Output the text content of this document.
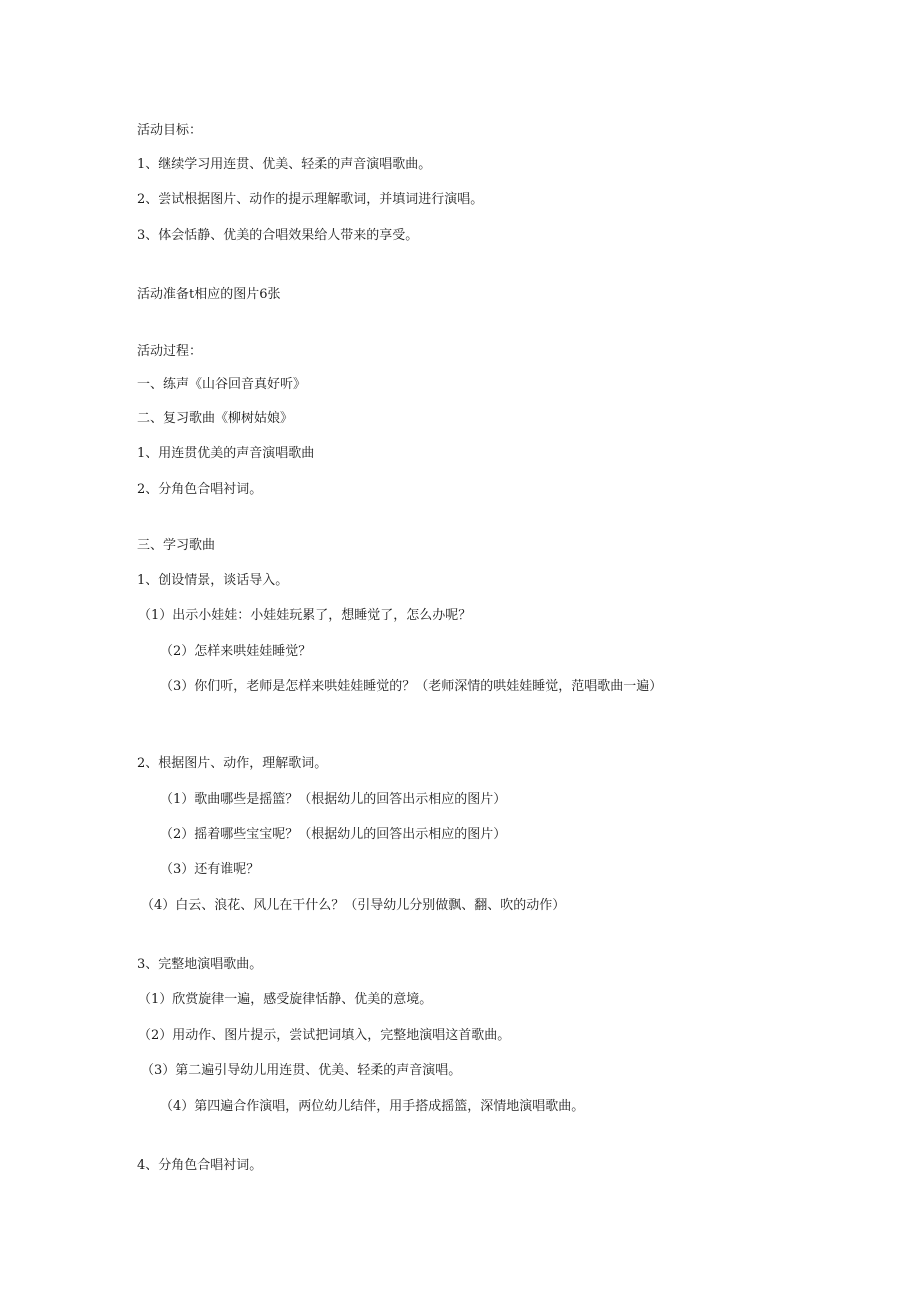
活动目标：
1、继续学习用连贯、优美、轻柔的声音演唱歌曲。
2、尝试根据图片、动作的提示理解歌词，并填词进行演唱。
3、体会恬静、优美的合唱效果给人带来的享受。
活动准备t相应的图片6张
活动过程：
一、练声《山谷回音真好听》
二、复习歌曲《柳树姑娘》
1、用连贯优美的声音演唱歌曲
2、分角色合唱衬词。
三、学习歌曲
1、创设情景，谈话导入。
（1）出示小娃娃：小娃娃玩累了，想睡觉了，怎么办呢？
（2）怎样来哄娃娃睡觉？
（3）你们听，老师是怎样来哄娃娃睡觉的？（老师深情的哄娃娃睡觉，范唱歌曲一遍）
2、根据图片、动作，理解歌词。
（1）歌曲哪些是摇篮？（根据幼儿的回答出示相应的图片）
（2）摇着哪些宝宝呢？（根据幼儿的回答出示相应的图片）
（3）还有谁呢？
（4）白云、浪花、风儿在干什么？（引导幼儿分别做飘、翻、吹的动作）
3、完整地演唱歌曲。
（1）欣赏旋律一遍，感受旋律恬静、优美的意境。
（2）用动作、图片提示，尝试把词填入，完整地演唱这首歌曲。
（3）第二遍引导幼儿用连贯、优美、轻柔的声音演唱。
（4）第四遍合作演唱，两位幼儿结伴，用手搭成摇篮，深情地演唱歌曲。
4、分角色合唱衬词。
